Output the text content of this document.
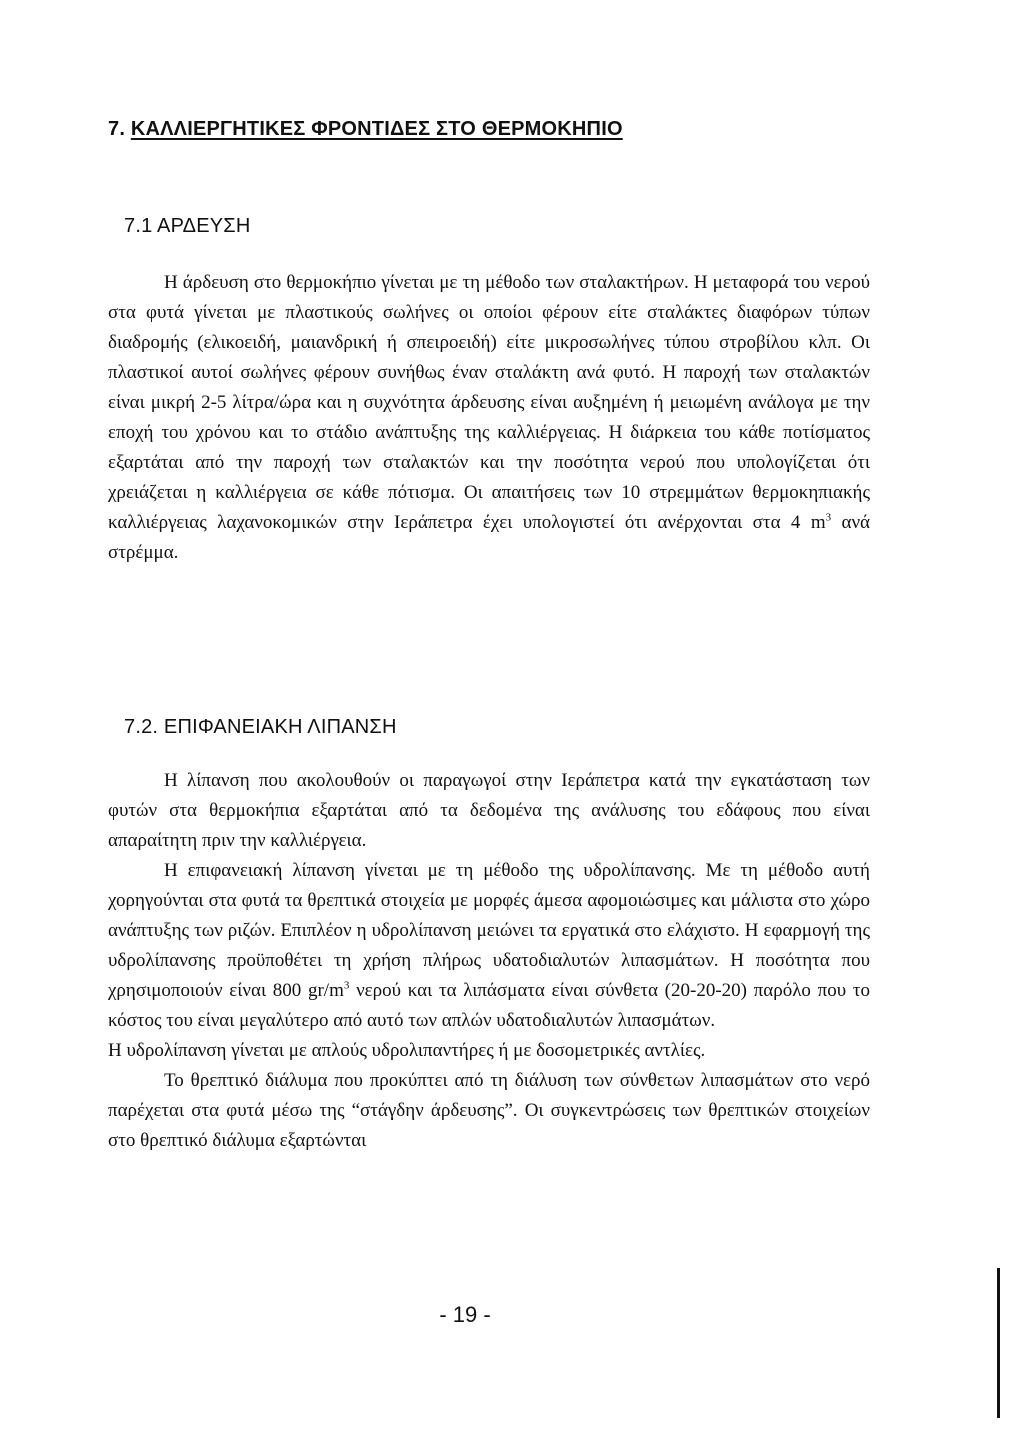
7. ΚΑΛΛΙΕΡΓΗΤΙΚΕΣ ΦΡΟΝΤΙΔΕΣ ΣΤΟ ΘΕΡΜΟΚΗΠΙΟ
7.1 ΑΡΔΕΥΣΗ

Η άρδευση στο θερμοκήπιο γίνεται με τη μέθοδο των σταλακτήρων. Η μεταφορά του νερού στα φυτά γίνεται με πλαστικούς σωλήνες οι οποίοι φέρουν είτε σταλάκτες διαφόρων τύπων διαδρομής (ελικοειδή, μαιανδρική ή σπειροειδή) είτε μικροσωλήνες τύπου στροβίλου κλπ. Οι πλαστικοί αυτοί σωλήνες φέρουν συνήθως έναν σταλάκτη ανά φυτό. Η παροχή των σταλακτών είναι μικρή 2-5 λίτρα/ώρα και η συχνότητα άρδευσης είναι αυξημένη ή μειωμένη ανάλογα με την εποχή του χρόνου και το στάδιο ανάπτυξης της καλλιέργειας. Η διάρκεια του κάθε ποτίσματος εξαρτάται από την παροχή των σταλακτών και την ποσότητα νερού που υπολογίζεται ότι χρειάζεται η καλλιέργεια σε κάθε πότισμα. Οι απαιτήσεις των 10 στρεμμάτων θερμοκηπιακής καλλιέργειας λαχανοκομικών στην Ιεράπετρα έχει υπολογιστεί ότι ανέρχονται στα 4 $m^3$ ανά στρέμμα.

7.2. ΕΠΙΦΑΝΕΙΑΚΗ ΛΙΠΑΝΣΗ

Η λίπανση που ακολουθούν οι παραγωγοί στην Ιεράπετρα κατά την εγκατάσταση των φυτών στα θερμοκήπια εξαρτάται από τα δεδομένα της ανάλυσης του εδάφους που είναι απαραίτητη πριν την καλλιέργεια.

Η επιφανειακή λίπανση γίνεται με τη μέθοδο της υδρολίπανσης. Με τη μέθοδο αυτή χορηγούνται στα φυτά τα θρεπτικά στοιχεία με μορφές άμεσα αφομοιώσιμες και μάλιστα στο χώρο ανάπτυξης των ριζών. Επιπλέον η υδρολίπανση μειώνει τα εργατικά στο ελάχιστο. Η εφαρμογή της υδρολίπανσης προϋποθέτει τη χρήση πλήρως υδατοδιαλυτών λιπασμάτων. Η ποσότητα που χρησιμοποιούν είναι 800 $gr/m^3$ νερού και τα λιπάσματα είναι σύνθετα (20-20-20) παρόλο που το κόστος του είναι μεγαλύτερο από αυτό των απλών υδατοδιαλυτών λιπασμάτων.

Η υδρολίπανση γίνεται με απλούς υδρολιπαντήρες ή με δοσομετρικές αντλίες.

Το θρεπτικό διάλυμα που προκύπτει από τη διάλυση των σύνθετων λιπασμάτων στο νερό παρέχεται στα φυτά μέσω της “στάγδην άρδευσης”. Οι συγκεντρώσεις των θρεπτικών στοιχείων στο θρεπτικό διάλυμα εξαρτώνται

- 19 -
